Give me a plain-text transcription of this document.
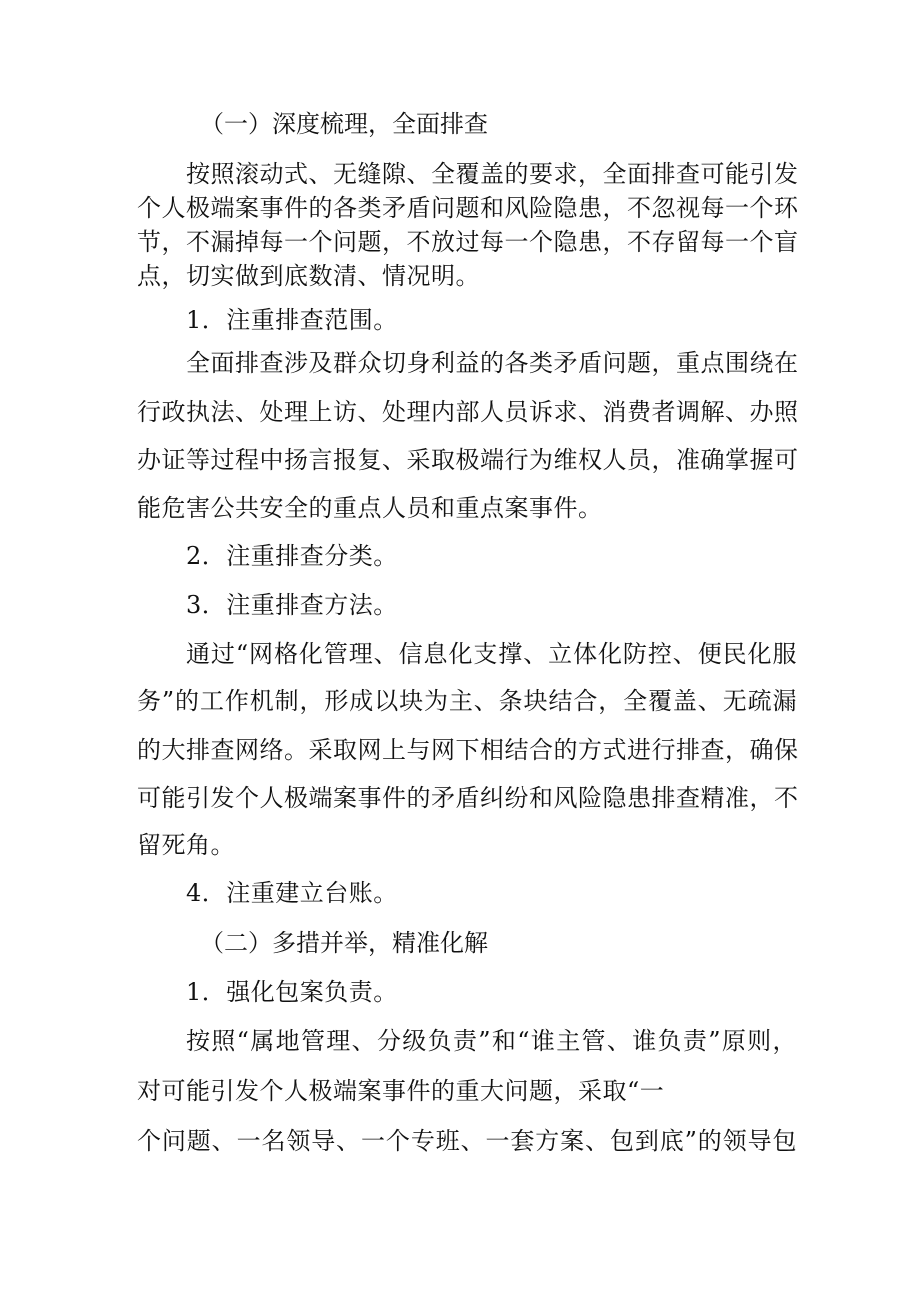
（一）深度梳理，全面排查
按照滚动式、无缝隙、全覆盖的要求，全面排查可能引发
个人极端案事件的各类矛盾问题和风险隐患，不忽视每一个环
节，不漏掉每一个问题，不放过每一个隐患，不存留每一个盲
点，切实做到底数清、情况明。
1．注重排查范围。
全面排查涉及群众切身利益的各类矛盾问题，重点围绕在
行政执法、处理上访、处理内部人员诉求、消费者调解、办照
办证等过程中扬言报复、采取极端行为维权人员，准确掌握可
能危害公共安全的重点人员和重点案事件。
2．注重排查分类。
3．注重排查方法。
通过“网格化管理、信息化支撑、立体化防控、便民化服
务”的工作机制，形成以块为主、条块结合，全覆盖、无疏漏
的大排查网络。采取网上与网下相结合的方式进行排查，确保
可能引发个人极端案事件的矛盾纠纷和风险隐患排查精准，不
留死角。
4．注重建立台账。
（二）多措并举，精准化解
1．强化包案负责。
按照“属地管理、分级负责”和“谁主管、谁负责”原则，
对可能引发个人极端案事件的重大问题，采取“一
个问题、一名领导、一个专班、一套方案、包到底”的领导包
